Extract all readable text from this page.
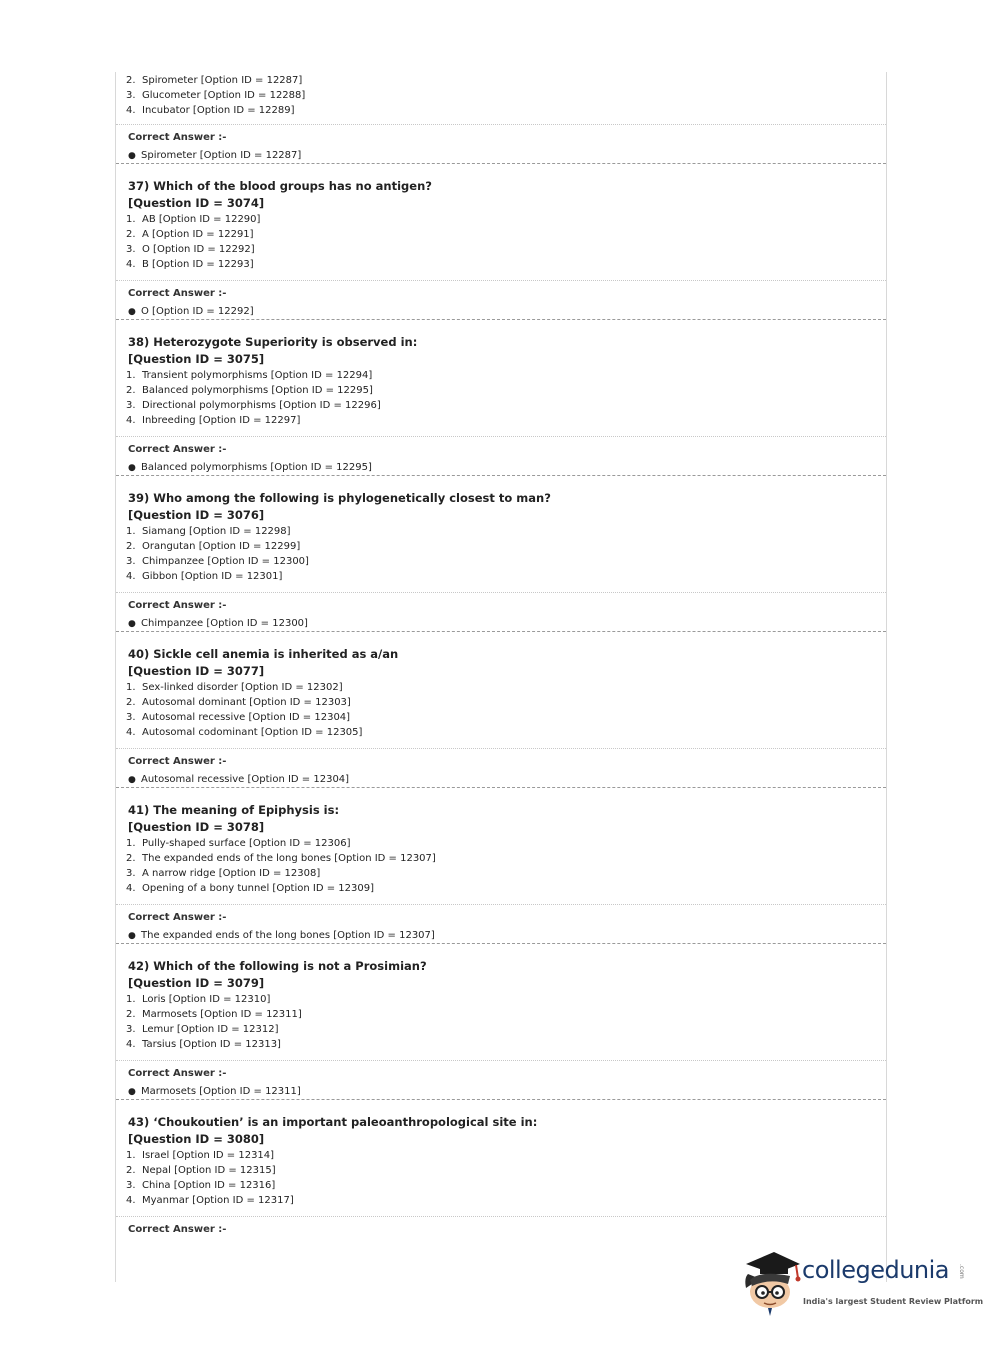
2. Spirometer [Option ID = 12287]
3. Glucometer [Option ID = 12288]
4. Incubator [Option ID = 12289]
Correct Answer :-
● Spirometer [Option ID = 12287]
37) Which of the blood groups has no antigen?
[Question ID = 3074]
1. AB [Option ID = 12290]
2. A [Option ID = 12291]
3. O [Option ID = 12292]
4. B [Option ID = 12293]
Correct Answer :-
● O [Option ID = 12292]
38) Heterozygote Superiority is observed in:
[Question ID = 3075]
1. Transient polymorphisms [Option ID = 12294]
2. Balanced polymorphisms [Option ID = 12295]
3. Directional polymorphisms [Option ID = 12296]
4. Inbreeding [Option ID = 12297]
Correct Answer :-
● Balanced polymorphisms [Option ID = 12295]
39) Who among the following is phylogenetically closest to man?
[Question ID = 3076]
1. Siamang [Option ID = 12298]
2. Orangutan [Option ID = 12299]
3. Chimpanzee [Option ID = 12300]
4. Gibbon [Option ID = 12301]
Correct Answer :-
● Chimpanzee [Option ID = 12300]
40) Sickle cell anemia is inherited as a/an
[Question ID = 3077]
1. Sex-linked disorder [Option ID = 12302]
2. Autosomal dominant [Option ID = 12303]
3. Autosomal recessive [Option ID = 12304]
4. Autosomal codominant [Option ID = 12305]
Correct Answer :-
● Autosomal recessive [Option ID = 12304]
41) The meaning of Epiphysis is:
[Question ID = 3078]
1. Pully-shaped surface [Option ID = 12306]
2. The expanded ends of the long bones [Option ID = 12307]
3. A narrow ridge [Option ID = 12308]
4. Opening of a bony tunnel [Option ID = 12309]
Correct Answer :-
● The expanded ends of the long bones [Option ID = 12307]
42) Which of the following is not a Prosimian?
[Question ID = 3079]
1. Loris [Option ID = 12310]
2. Marmosets [Option ID = 12311]
3. Lemur [Option ID = 12312]
4. Tarsius [Option ID = 12313]
Correct Answer :-
● Marmosets [Option ID = 12311]
43) ‘Choukoutien’ is an important paleoanthropological site in:
[Question ID = 3080]
1. Israel [Option ID = 12314]
2. Nepal [Option ID = 12315]
3. China [Option ID = 12316]
4. Myanmar [Option ID = 12317]
Correct Answer :-
collegedunia .com
India's largest Student Review Platform
